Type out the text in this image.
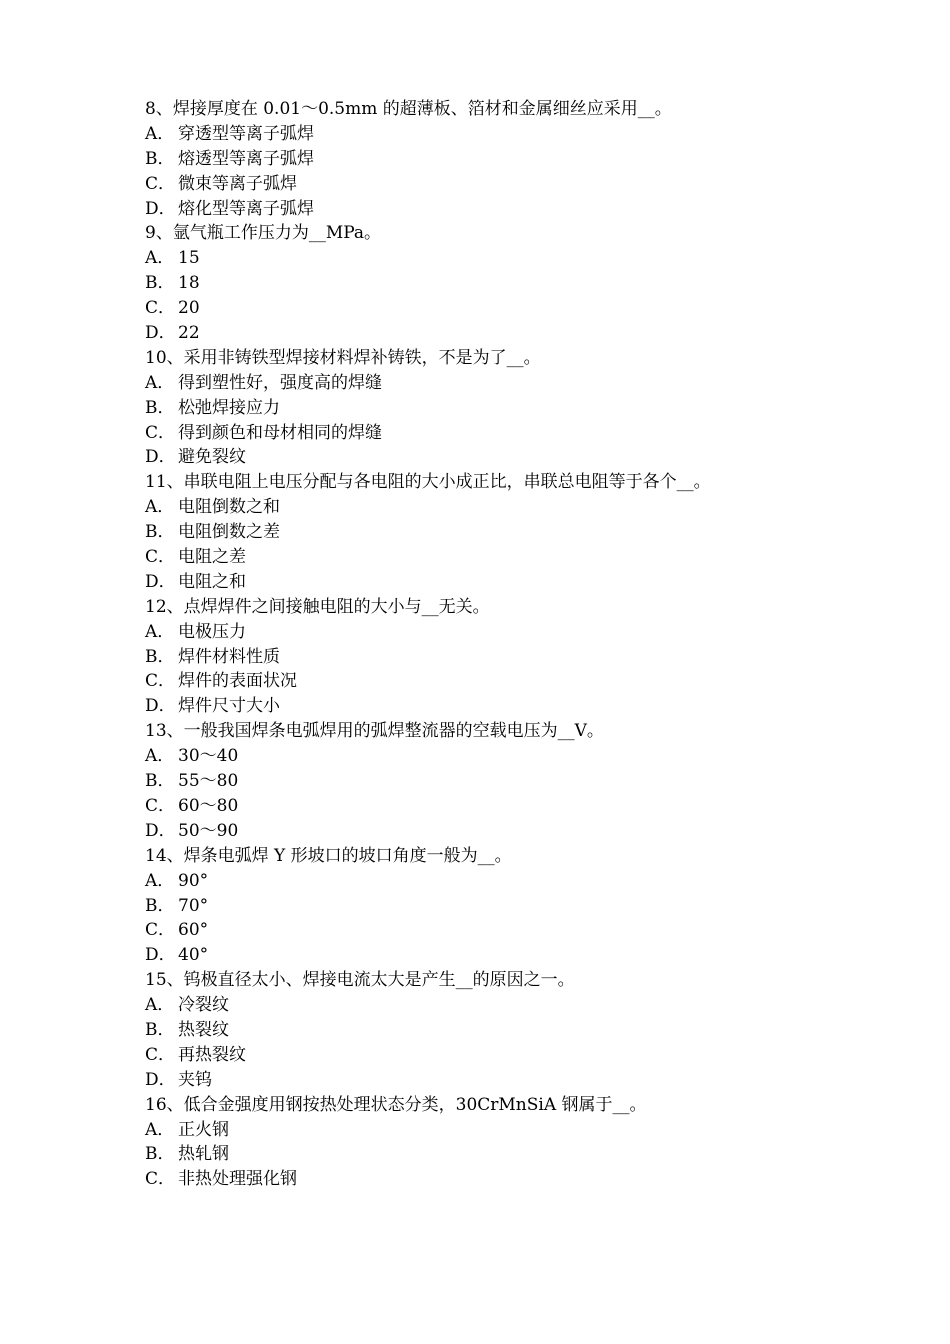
8、焊接厚度在 0.01～0.5mm 的超薄板、箔材和金属细丝应采用__。
A． 穿透型等离子弧焊
B． 熔透型等离子弧焊
C． 微束等离子弧焊
D． 熔化型等离子弧焊
9、氩气瓶工作压力为__MPa。
A． 15
B． 18
C． 20
D． 22
10、采用非铸铁型焊接材料焊补铸铁，不是为了__。
A． 得到塑性好，强度高的焊缝
B． 松弛焊接应力
C． 得到颜色和母材相同的焊缝
D． 避免裂纹
11、串联电阻上电压分配与各电阻的大小成正比，串联总电阻等于各个__。
A． 电阻倒数之和
B． 电阻倒数之差
C． 电阻之差
D． 电阻之和
12、点焊焊件之间接触电阻的大小与__无关。
A． 电极压力
B． 焊件材料性质
C． 焊件的表面状况
D． 焊件尺寸大小
13、一般我国焊条电弧焊用的弧焊整流器的空载电压为__V。
A． 30～40
B． 55～80
C． 60～80
D． 50～90
14、焊条电弧焊 Y 形坡口的坡口角度一般为__。
A． 90°
B． 70°
C． 60°
D． 40°
15、钨极直径太小、焊接电流太大是产生__的原因之一。
A． 冷裂纹
B． 热裂纹
C． 再热裂纹
D． 夹钨
16、低合金强度用钢按热处理状态分类，30CrMnSiA 钢属于__。
A． 正火钢
B． 热轧钢
C． 非热处理强化钢
